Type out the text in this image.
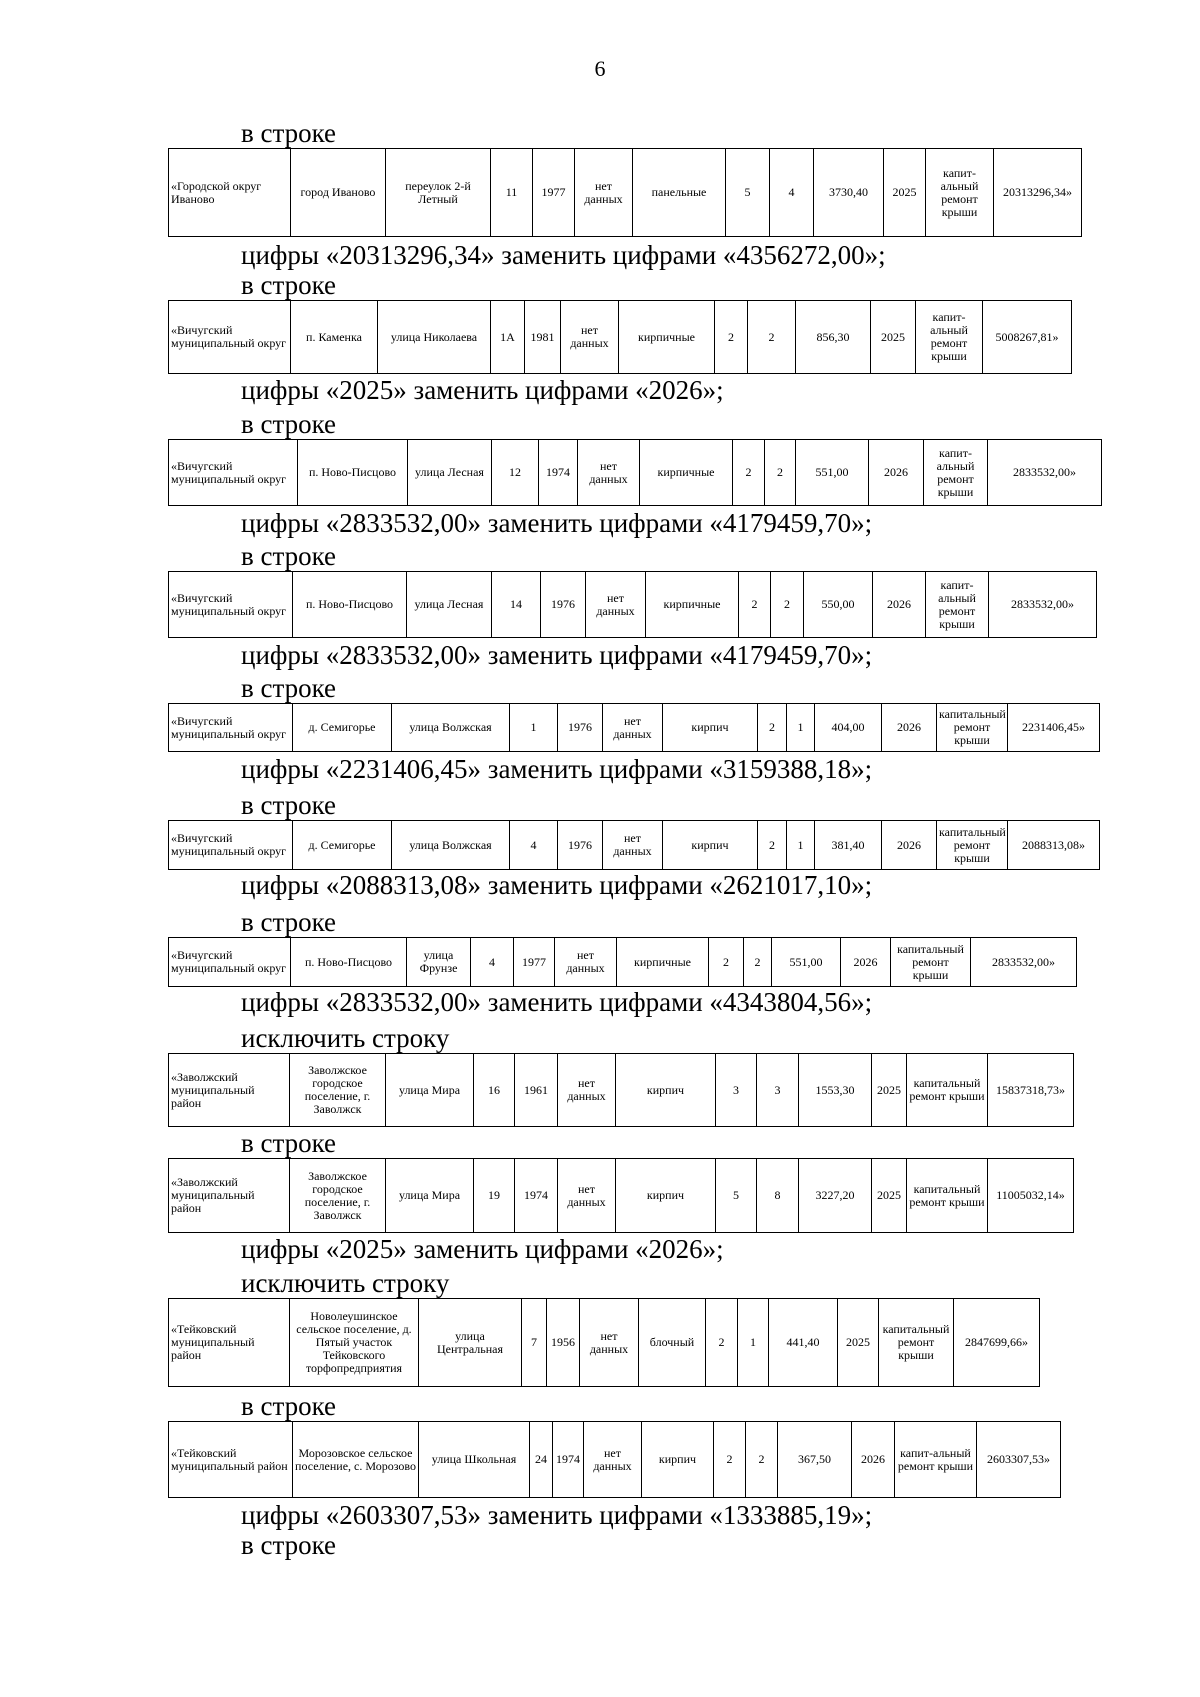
6
в строке
«Городской округ Иваново	город Иваново	переулок 2-й Летный	11	1977	нет данных	панельные	5	4	3730,40	2025	капит-альный ремонт крыши	20313296,34»
цифры «20313296,34» заменить цифрами «4356272,00»;
в строке
«Вичугский муниципальный округ	п. Каменка	улица Николаева	1А	1981	нет данных	кирпичные	2	2	856,30	2025	капит-альный ремонт крыши	5008267,81»
цифры «2025» заменить цифрами «2026»;
в строке
«Вичугский муниципальный округ	п. Ново-Писцово	улица Лесная	12	1974	нет данных	кирпичные	2	2	551,00	2026	капит-альный ремонт крыши	2833532,00»
цифры «2833532,00» заменить цифрами «4179459,70»;
в строке
«Вичугский муниципальный округ	п. Ново-Писцово	улица Лесная	14	1976	нет данных	кирпичные	2	2	550,00	2026	капит-альный ремонт крыши	2833532,00»
цифры «2833532,00» заменить цифрами «4179459,70»;
в строке
«Вичугский муниципальный округ	д. Семигорье	улица Волжская	1	1976	нет данных	кирпич	2	1	404,00	2026	капитальный ремонт крыши	2231406,45»
цифры «2231406,45» заменить цифрами «3159388,18»;
в строке
«Вичугский муниципальный округ	д. Семигорье	улица Волжская	4	1976	нет данных	кирпич	2	1	381,40	2026	капитальный ремонт крыши	2088313,08»
цифры «2088313,08» заменить цифрами «2621017,10»;
в строке
«Вичугский муниципальный округ	п. Ново-Писцово	улица Фрунзе	4	1977	нет данных	кирпичные	2	2	551,00	2026	капитальный ремонт крыши	2833532,00»
цифры «2833532,00» заменить цифрами «4343804,56»;
исключить строку
«Заволжский муниципальный район	Заволжское городское поселение, г. Заволжск	улица Мира	16	1961	нет данных	кирпич	3	3	1553,30	2025	капитальный ремонт крыши	15837318,73»
в строке
«Заволжский муниципальный район	Заволжское городское поселение, г. Заволжск	улица Мира	19	1974	нет данных	кирпич	5	8	3227,20	2025	капитальный ремонт крыши	11005032,14»
цифры «2025» заменить цифрами «2026»;
исключить строку
«Тейковский муниципальный район	Новолеушинское сельское поселение, д. Пятый участок Тейковского торфопредприятия	улица Центральная	7	1956	нет данных	блочный	2	1	441,40	2025	капитальный ремонт крыши	2847699,66»
в строке
«Тейковский муниципальный район	Морозовское сельское поселение, с. Морозово	улица Школьная	24	1974	нет данных	кирпич	2	2	367,50	2026	капит-альный ремонт крыши	2603307,53»
цифры «2603307,53» заменить цифрами «1333885,19»;
в строке
